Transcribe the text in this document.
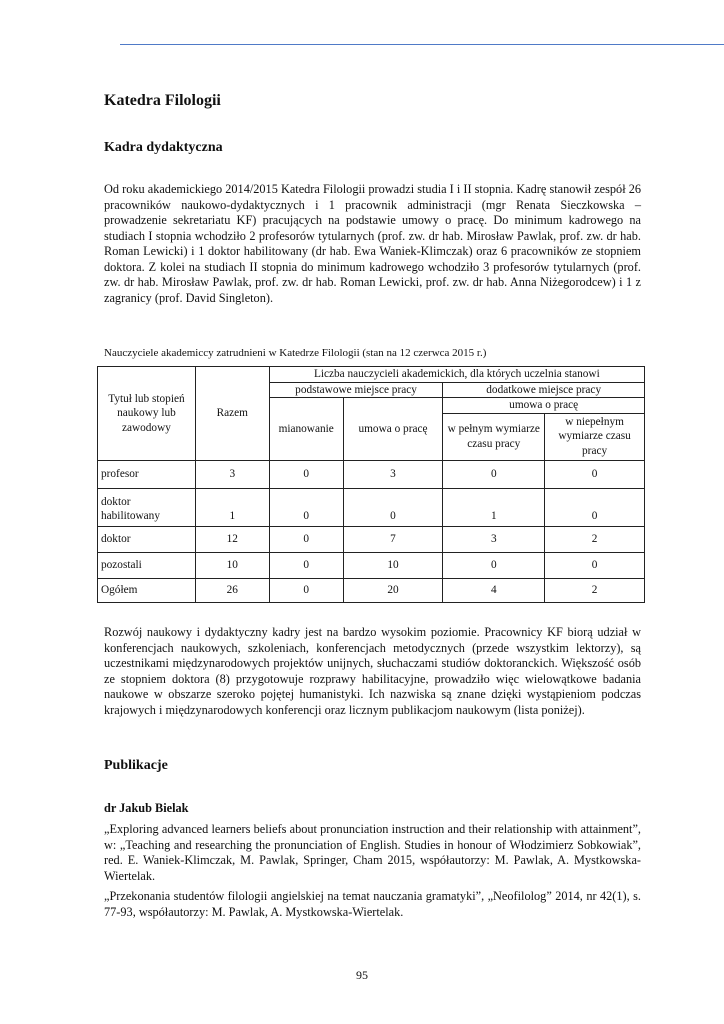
Katedra Filologii
Kadra dydaktyczna

Od roku akademickiego 2014/2015 Katedra Filologii prowadzi studia I i II stopnia. Kadrę stanowił zespół 26 pracowników naukowo-dydaktycznych i 1 pracownik administracji (mgr Renata Sieczkowska – prowadzenie sekretariatu KF) pracujących na podstawie umowy o pracę. Do minimum kadrowego na studiach I stopnia wchodziło 2 profesorów tytularnych (prof. zw. dr hab. Mirosław Pawlak, prof. zw. dr hab. Roman Lewicki) i 1 doktor habilitowany (dr hab. Ewa Waniek-Klimczak) oraz 6 pracowników ze stopniem doktora. Z kolei na studiach II stopnia do minimum kadrowego wchodziło 3 profesorów tytularnych (prof. zw. dr hab. Mirosław Pawlak, prof. zw. dr hab. Roman Lewicki, prof. zw. dr hab. Anna Niżegorodcew) i 1 z zagranicy (prof. David Singleton).

Nauczyciele akademiccy zatrudnieni w Katedrze Filologii (stan na 12 czerwca 2015 r.)
Tytuł lub stopień naukowy lub zawodowy	Razem	Liczba nauczycieli akademickich, dla których uczelnia stanowi			
		podstawowe miejsce pracy		dodatkowe miejsce pracy	
		mianowanie	umowa o pracę	umowa o pracę	
				w pełnym wymiarze czasu pracy	w niepełnym wymiarze czasu pracy
profesor	3	0	3	0	0
doktor
habilitowany	1	0	0	1	0
doktor	12	0	7	3	2
pozostali	10	0	10	0	0
Ogółem	26	0	20	4	2

Rozwój naukowy i dydaktyczny kadry jest na bardzo wysokim poziomie. Pracownicy KF biorą udział w konferencjach naukowych, szkoleniach, konferencjach metodycznych (przede wszystkim lektorzy), są uczestnikami międzynarodowych projektów unijnych, słuchaczami studiów doktoranckich. Większość osób ze stopniem doktora (8) przygotowuje rozprawy habilitacyjne, prowadziło więc wielowątkowe badania naukowe w obszarze szeroko pojętej humanistyki. Ich nazwiska są znane dzięki wystąpieniom podczas krajowych i międzynarodowych konferencji oraz licznym publikacjom naukowym (lista poniżej).

Publikacje
dr Jakub Bielak

„Exploring advanced learners beliefs about pronunciation instruction and their relationship with attainment”, w: „Teaching and researching the pronunciation of English. Studies in honour of Włodzimierz Sobkowiak”, red. E. Waniek-Klimczak, M. Pawlak, Springer, Cham 2015, współautorzy: M. Pawlak, A. Mystkowska-Wiertelak.

„Przekonania studentów filologii angielskiej na temat nauczania gramatyki”, „Neofilolog” 2014, nr 42(1), s. 77-93, współautorzy: M. Pawlak, A. Mystkowska-Wiertelak.

95
